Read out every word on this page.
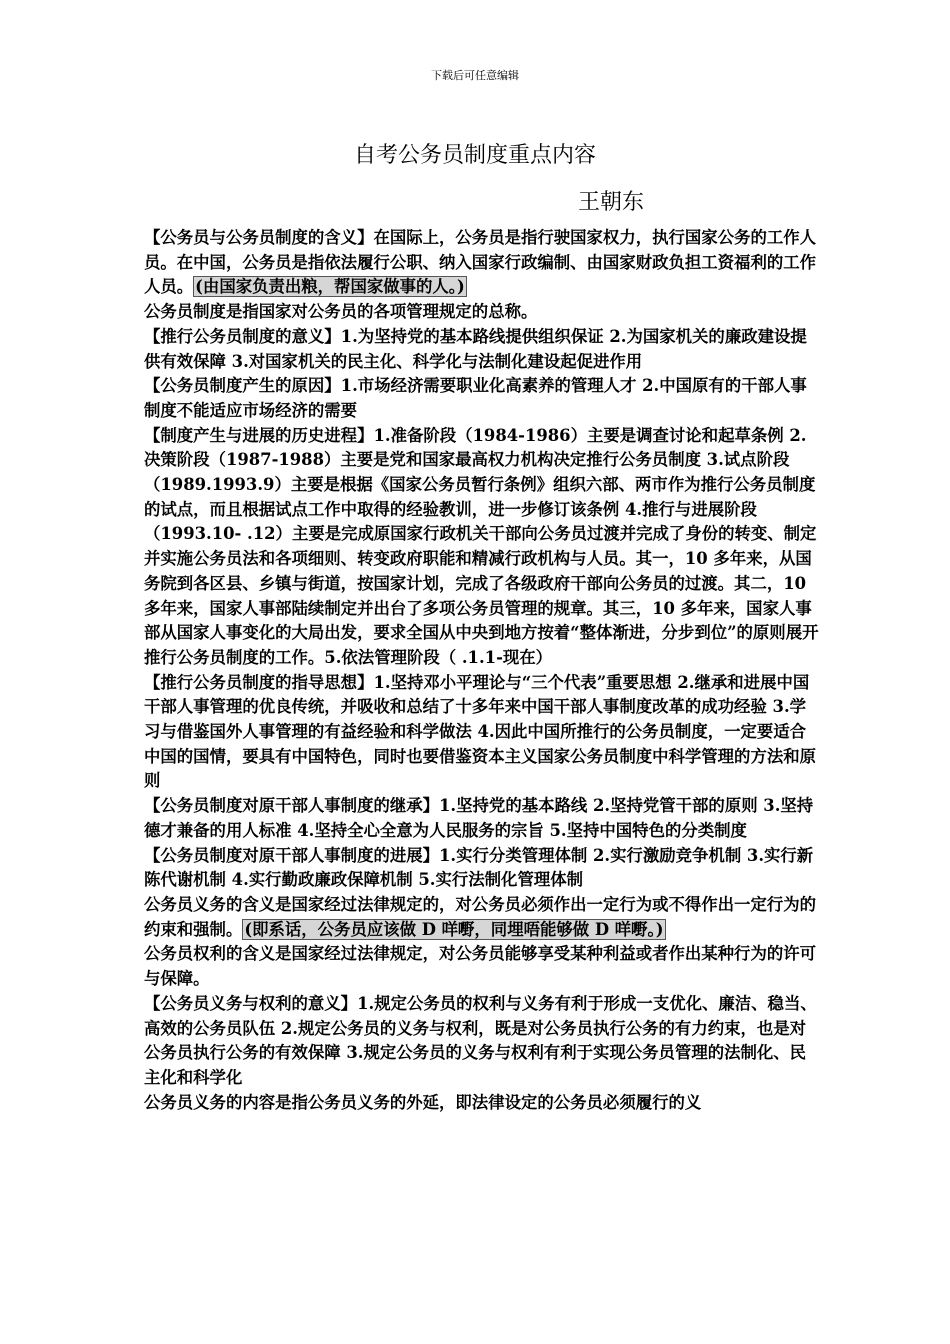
下载后可任意编辑
自考公务员制度重点内容
王朝东

【公务员与公务员制度的含义】在国际上，公务员是指行驶国家权力，执行国家公务的工作人员。在中国，公务员是指依法履行公职、纳入国家行政编制、由国家财政负担工资福利的工作人员。 (由国家负责出粮，帮国家做事的人。)

公务员制度是指国家对公务员的各项管理规定的总称。

【推行公务员制度的意义】1.为坚持党的基本路线提供组织保证 2.为国家机关的廉政建设提供有效保障 3.对国家机关的民主化、科学化与法制化建设起促进作用

【公务员制度产生的原因】1.市场经济需要职业化高素养的管理人才 2.中国原有的干部人事制度不能适应市场经济的需要

【制度产生与进展的历史进程】1.准备阶段（1984-1986）主要是调查讨论和起草条例 2.决策阶段（1987-1988）主要是党和国家最高权力机构决定推行公务员制度 3.试点阶段（1989.1993.9）主要是根据《国家公务员暂行条例》组织六部、两市作为推行公务员制度的试点，而且根据试点工作中取得的经验教训，进一步修订该条例 4.推行与进展阶段（1993.10- .12）主要是完成原国家行政机关干部向公务员过渡并完成了身份的转变、制定并实施公务员法和各项细则、转变政府职能和精减行政机构与人员。其一，10 多年来，从国务院到各区县、乡镇与街道，按国家计划，完成了各级政府干部向公务员的过渡。其二，10 多年来，国家人事部陆续制定并出台了多项公务员管理的规章。其三，10 多年来，国家人事部从国家人事变化的大局出发，要求全国从中央到地方按着“整体渐进，分步到位”的原则展开推行公务员制度的工作。5.依法管理阶段（ .1.1-现在）

【推行公务员制度的指导思想】1.坚持邓小平理论与“三个代表”重要思想 2.继承和进展中国干部人事管理的优良传统，并吸收和总结了十多年来中国干部人事制度改革的成功经验 3.学习与借鉴国外人事管理的有益经验和科学做法 4.因此中国所推行的公务员制度，一定要适合中国的国情，要具有中国特色，同时也要借鉴资本主义国家公务员制度中科学管理的方法和原则

【公务员制度对原干部人事制度的继承】1.坚持党的基本路线 2.坚持党管干部的原则 3.坚持德才兼备的用人标准 4.坚持全心全意为人民服务的宗旨 5.坚持中国特色的分类制度

【公务员制度对原干部人事制度的进展】1.实行分类管理体制 2.实行激励竞争机制 3.实行新陈代谢机制 4.实行勤政廉政保障机制 5.实行法制化管理体制

公务员义务的含义是国家经过法律规定的，对公务员必须作出一定行为或不得作出一定行为的约束和强制。 (即系话，公务员应该做 D 咩嘢，同埋唔能够做 D 咩嘢。)

公务员权利的含义是国家经过法律规定，对公务员能够享受某种利益或者作出某种行为的许可与保障。

【公务员义务与权利的意义】1.规定公务员的权利与义务有利于形成一支优化、廉洁、稳当、高效的公务员队伍 2.规定公务员的义务与权利，既是对公务员执行公务的有力约束，也是对公务员执行公务的有效保障 3.规定公务员的义务与权利有利于实现公务员管理的法制化、民主化和科学化

公务员义务的内容是指公务员义务的外延，即法律设定的公务员必须履行的义
